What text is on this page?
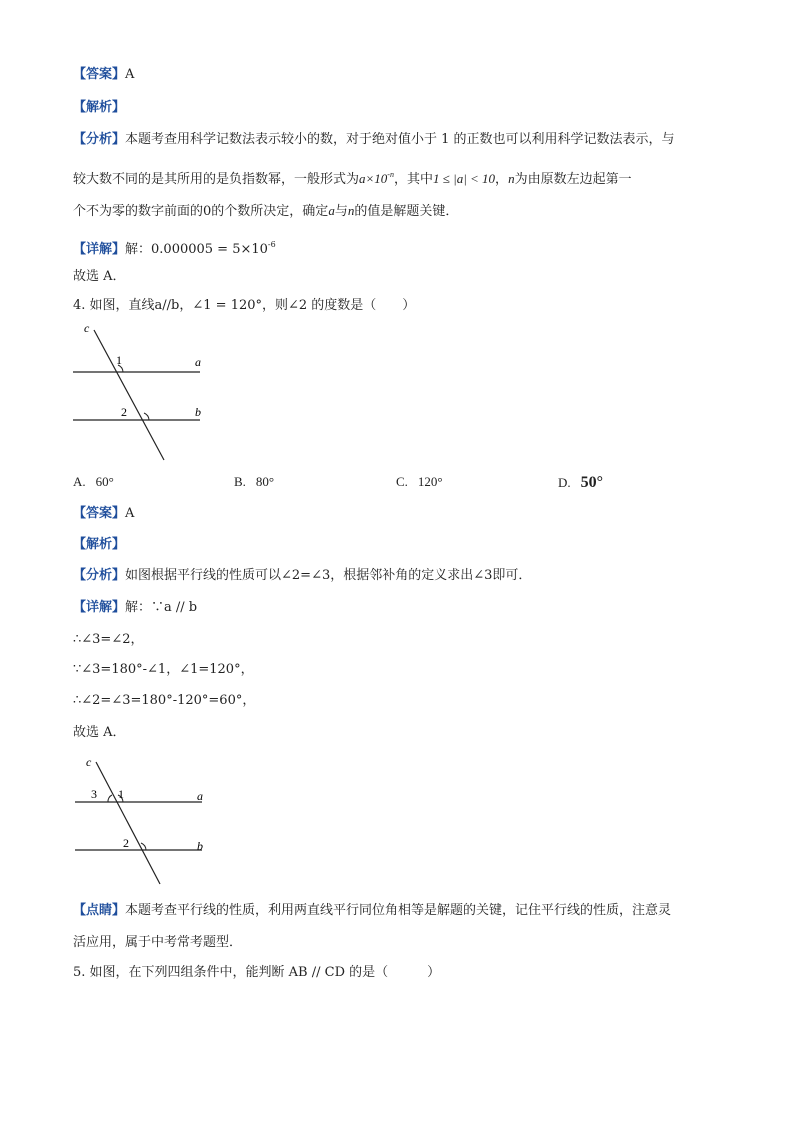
【答案】A
【解析】
【分析】本题考查用科学记数法表示较小的数，对于绝对值小于 1 的正数也可以利用科学记数法表示，与
较大数不同的是其所用的是负指数幂，一般形式为$a\times 10^{-n}$，其中1 ≤ |a| < 10，n为由原数左边起第一
个不为零的数字前面的0的个数所决定，确定a与n的值是解题关键．
【详解】解：$0.000005 = 5\times 10^{-6}$
故选 A．
4. 如图，直线a//b，∠1 = 120°，则∠2 的度数是（　　）
c
a
b
1
2
A. 60°	B. 80°	C. 120°	D. 50°
【答案】A
【解析】
【分析】如图根据平行线的性质可以∠2=∠3，根据邻补角的定义求出∠3即可．
【详解】解：∵a // b
∴∠3=∠2，
∵∠3=180°-∠1，∠1=120°，
∴∠2=∠3=180°-120°=60°，
故选 A．
c
a
b
1
3
2
【点睛】本题考查平行线的性质，利用两直线平行同位角相等是解题的关键，记住平行线的性质，注意灵
活应用，属于中考常考题型．
5. 如图，在下列四组条件中，能判断 AB // CD 的是（　　　）
